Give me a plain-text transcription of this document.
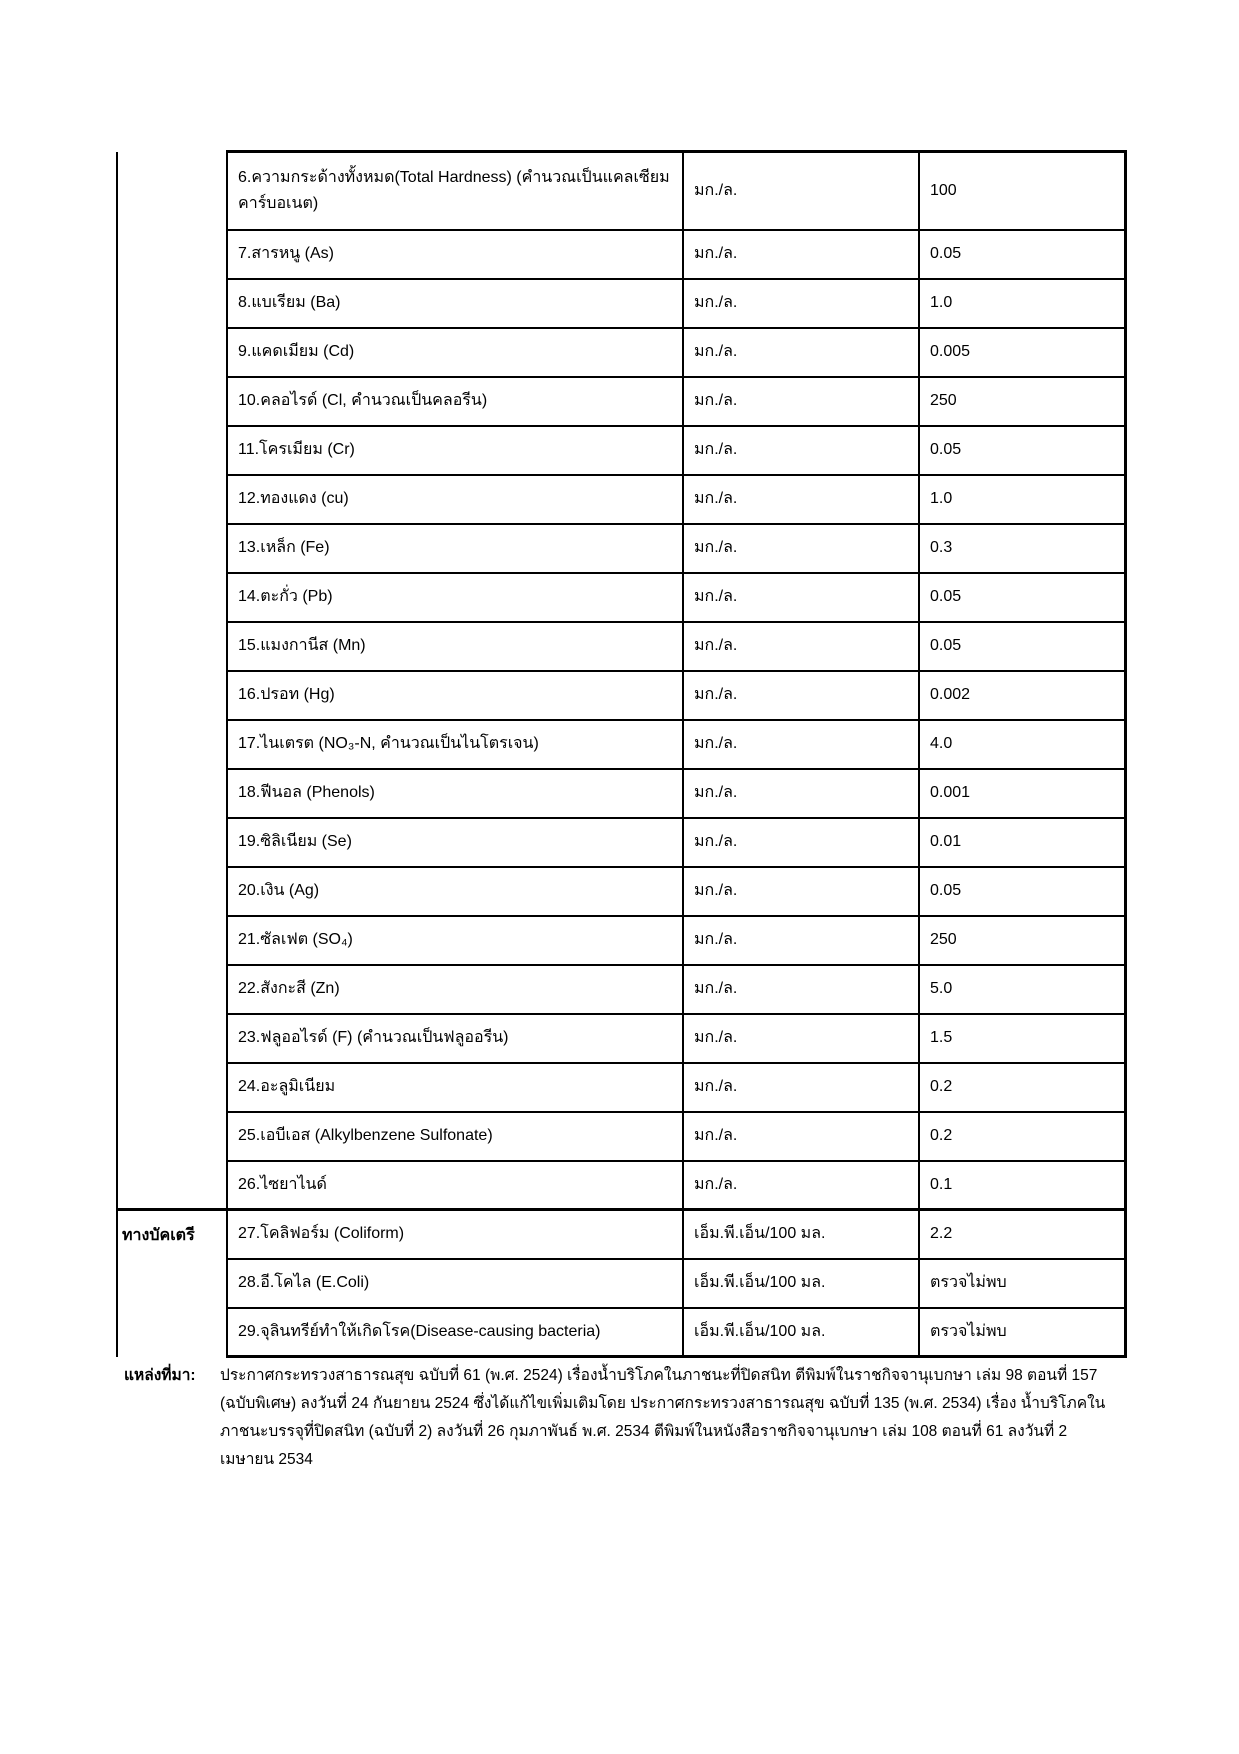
	6.ความกระด้างทั้งหมด(Total Hardness) (คำนวณเป็นแคลเซียมคาร์บอเนต)	มก./ล.	100
	7.สารหนู (As)	มก./ล.	0.05
	8.แบเรียม (Ba)	มก./ล.	1.0
	9.แคดเมียม (Cd)	มก./ล.	0.005
	10.คลอไรด์ (Cl, คำนวณเป็นคลอรีน)	มก./ล.	250
	11.โครเมียม (Cr)	มก./ล.	0.05
	12.ทองแดง (cu)	มก./ล.	1.0
	13.เหล็ก (Fe)	มก./ล.	0.3
	14.ตะกั่ว (Pb)	มก./ล.	0.05
	15.แมงกานีส (Mn)	มก./ล.	0.05
	16.ปรอท (Hg)	มก./ล.	0.002
	17.ไนเตรต (NO₃-N, คำนวณเป็นไนโตรเจน)	มก./ล.	4.0
	18.ฟีนอล (Phenols)	มก./ล.	0.001
	19.ซิลิเนียม (Se)	มก./ล.	0.01
	20.เงิน (Ag)	มก./ล.	0.05
	21.ซัลเฟต (SO₄)	มก./ล.	250
	22.สังกะสี (Zn)	มก./ล.	5.0
	23.ฟลูออไรด์ (F) (คำนวณเป็นฟลูออรีน)	มก./ล.	1.5
	24.อะลูมิเนียม	มก./ล.	0.2
	25.เอบีเอส (Alkylbenzene Sulfonate)	มก./ล.	0.2
	26.ไซยาไนด์	มก./ล.	0.1
ทางบัคเตรี	27.โคลิฟอร์ม (Coliform)	เอ็ม.พี.เอ็น/100 มล.	2.2
	28.อี.โคไล (E.Coli)	เอ็ม.พี.เอ็น/100 มล.	ตรวจไม่พบ
	29.จุลินทรีย์ทำให้เกิดโรค(Disease-causing bacteria)	เอ็ม.พี.เอ็น/100 มล.	ตรวจไม่พบ
แหล่งที่มา:	ประกาศกระทรวงสาธารณสุข ฉบับที่ 61 (พ.ศ. 2524) เรื่องน้ำบริโภคในภาชนะที่ปิดสนิท ตีพิมพ์ในราชกิจจานุเบกษา เล่ม 98 ตอนที่ 157 (ฉบับพิเศษ) ลงวันที่ 24 กันยายน 2524 ซึ่งได้แก้ไขเพิ่มเติมโดย ประกาศกระทรวงสาธารณสุข ฉบับที่ 135 (พ.ศ. 2534) เรื่อง น้ำบริโภคในภาชนะบรรจุที่ปิดสนิท (ฉบับที่ 2) ลงวันที่ 26 กุมภาพันธ์ พ.ศ. 2534 ตีพิมพ์ในหนังสือราชกิจจานุเบกษา เล่ม 108 ตอนที่ 61 ลงวันที่ 2 เมษายน 2534
